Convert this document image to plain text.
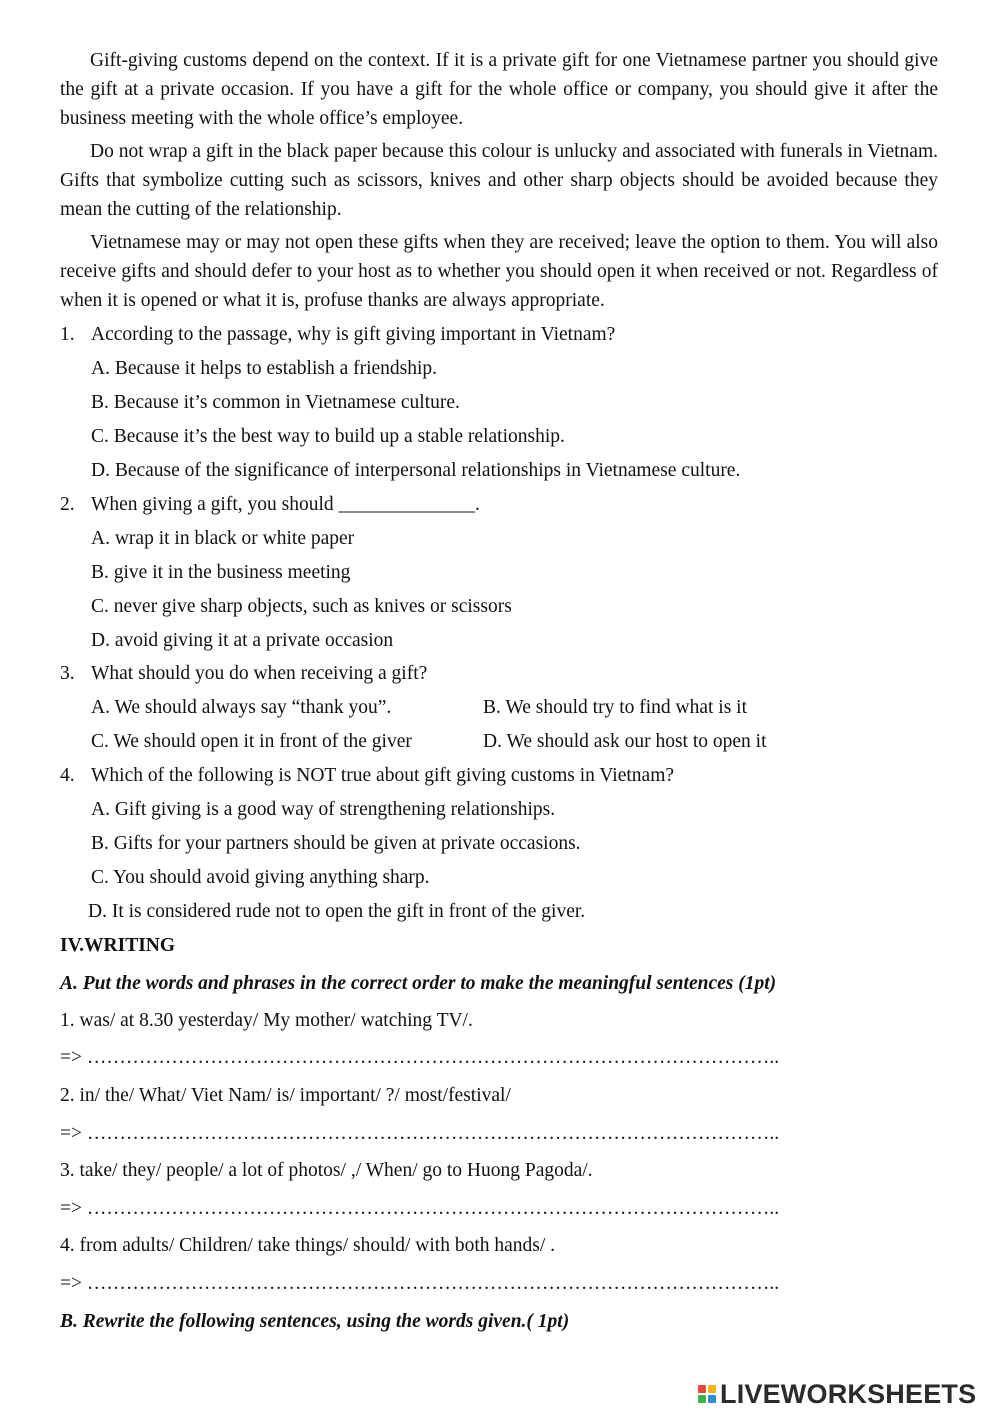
Gift-giving customs depend on the context. If it is a private gift for one Vietnamese partner you should give the gift at a private occasion. If you have a gift for the whole office or company, you should give it after the business meeting with the whole office’s employee.

Do not wrap a gift in the black paper because this colour is unlucky and associated with funerals in Vietnam. Gifts that symbolize cutting such as scissors, knives and other sharp objects should be avoided because they mean the cutting of the relationship.

Vietnamese may or may not open these gifts when they are received; leave the option to them. You will also receive gifts and should defer to your host as to whether you should open it when received or not. Regardless of when it is opened or what it is, profuse thanks are always appropriate.

1. According to the passage, why is gift giving important in Vietnam?
A. Because it helps to establish a friendship.
B. Because it’s common in Vietnamese culture.
C. Because it’s the best way to build up a stable relationship.
D. Because of the significance of interpersonal relationships in Vietnamese culture.
2. When giving a gift, you should ______________.
A. wrap it in black or white paper
B. give it in the business meeting
C. never give sharp objects, such as knives or scissors
D. avoid giving it at a private occasion
3. What should you do when receiving a gift?
A. We should always say “thank you”.	B. We should try to find what is it
C. We should open it in front of the giver	D. We should ask our host to open it
4. Which of the following is NOT true about gift giving customs in Vietnam?
A. Gift giving is a good way of strengthening relationships.
B. Gifts for your partners should be given at private occasions.
C. You should avoid giving anything sharp.
D. It is considered rude not to open the gift in front of the giver.
IV.WRITING
A. Put the words and phrases in the correct order to make the meaningful sentences (1pt)
1. was/ at 8.30 yesterday/ My mother/ watching TV/.
=> ……………………………………………………………………………………………..
2. in/ the/ What/ Viet Nam/ is/ important/ ?/ most/festival/
=> ……………………………………………………………………………………………..
3. take/ they/ people/ a lot of photos/ ,/ When/ go to Huong Pagoda/.
=> ……………………………………………………………………………………………..
4. from adults/ Children/ take things/ should/ with both hands/ .
=> ……………………………………………………………………………………………..
B. Rewrite the following sentences, using the words given.( 1pt)
LIVEWORKSHEETS
